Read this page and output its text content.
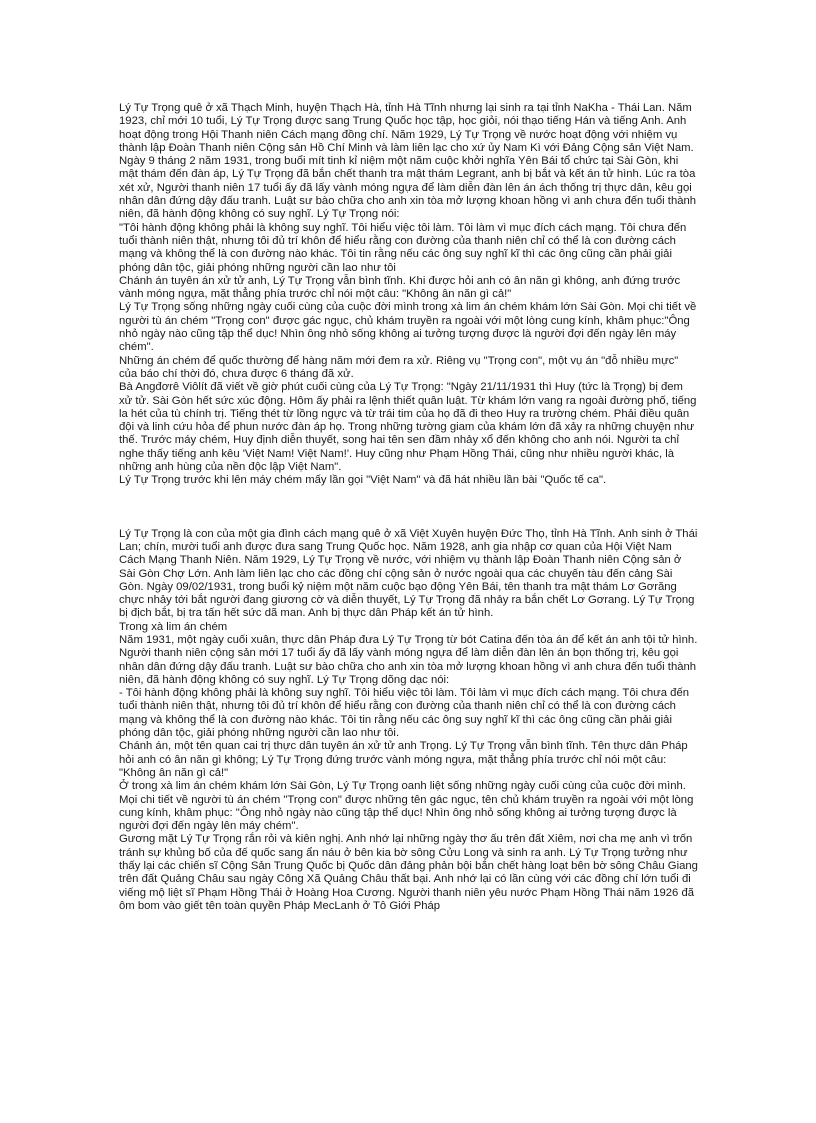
Lý Tự Trọng quê ở xã Thạch Minh, huyện Thạch Hà, tỉnh Hà Tĩnh nhưng lại sinh ra tại tỉnh NaKha - Thái Lan. Năm 1923, chỉ mới 10 tuổi, Lý Tự Trọng được sang Trung Quốc học tập, học giỏi, nói thạo tiếng Hán và tiếng Anh. Anh hoạt động trong Hội Thanh niên Cách mạng đồng chí. Năm 1929, Lý Tự Trọng về nước hoạt động với nhiệm vụ thành lập Đoàn Thanh niên Cộng sản Hồ Chí Minh và làm liên lạc cho xứ ủy Nam Kì với Đảng Cộng sản Việt Nam.

Ngày 9 tháng 2 năm 1931, trong buổi mít tinh kỉ niệm một năm cuộc khởi nghĩa Yên Bái tổ chức tại Sài Gòn, khi mật thám đến đàn áp, Lý Tự Trọng đã bắn chết thanh tra mật thám Legrant, anh bị bắt và kết án tử hình. Lúc ra tòa xét xử, Người thanh niên 17 tuổi ấy đã lấy vành móng ngựa để làm diễn đàn lên án ách thống trị thực dân, kêu gọi nhân dân đứng dậy đấu tranh. Luật sư bào chữa cho anh xin tòa mở lượng khoan hồng vì anh chưa đến tuổi thành niên, đã hành động không có suy nghĩ. Lý Tự Trọng nói:

"Tôi hành động không phải là không suy nghĩ. Tôi hiểu việc tôi làm. Tôi làm vì mục đích cách mạng. Tôi chưa đến tuổi thành niên thật, nhưng tôi đủ trí khôn để hiểu rằng con đường của thanh niên chỉ có thể là con đường cách mạng và không thể là con đường nào khác. Tôi tin rằng nếu các ông suy nghĩ kĩ thì các ông cũng cần phải giải phóng dân tộc, giải phóng những người cần lao như tôi

Chánh án tuyên án xử tử anh, Lý Tự Trọng vẫn bình tĩnh. Khi được hỏi anh có ân năn gì không, anh đứng trước vành móng ngựa, mặt thẳng phía trước chỉ nói một câu: "Không ân năn gì cả!"

Lý Tự Trọng sống những ngày cuối cùng của cuộc đời mình trong xà lim án chém khám lớn Sài Gòn. Mọi chi tiết về người tù án chém "Trọng con" được gác ngục, chủ khám truyền ra ngoài với một lòng cung kính, khâm phục:"Ông nhỏ ngày nào cũng tập thể dục! Nhìn ông nhỏ sống không ai tưởng tượng được là người đợi đến ngày lên máy chém".

Những án chém để quốc thường để hàng năm mới đem ra xử. Riêng vụ "Trọng con", một vụ án "đỗ nhiều mực" của báo chí thời đó, chưa được 6 tháng đã xử.

Bà Angđơrê Viôlít đã viết về giờ phút cuối cùng của Lý Tự Trọng: "Ngày 21/11/1931 thì Huy (tức là Trọng) bị đem xử tử. Sài Gòn hết sức xúc động. Hôm ấy phải ra lệnh thiết quân luật. Từ khám lớn vang ra ngoài đường phố, tiếng la hét của tù chính trị. Tiếng thét từ lồng ngực và từ trái tim của họ đã đi theo Huy ra trường chém. Phải điều quân đội và linh cứu hỏa để phun nước đàn áp họ. Trong những tường giam của khám lớn đã xảy ra những chuyện như thế. Trước máy chém, Huy định diễn thuyết, song hai tên sen đầm nhảy xổ đến không cho anh nói. Người ta chỉ nghe thấy tiếng anh kêu 'Việt Nam! Việt Nam!'. Huy cũng như Phạm Hồng Thái, cũng như nhiều người khác, là những anh hùng của nền độc lập Việt Nam".

Lý Tự Trọng trước khi lên máy chém mấy lần gọi "Việt Nam" và đã hát nhiều lần bài "Quốc tế ca".

Lý Tự Trọng là con của một gia đình cách mạng quê ở xã Việt Xuyên huyện Đức Thọ, tỉnh Hà Tĩnh. Anh sinh ở Thái Lan; chín, mười tuổi anh được đưa sang Trung Quốc học. Năm 1928, anh gia nhập cơ quan của Hội Việt Nam Cách Mạng Thanh Niên. Năm 1929, Lý Tự Trọng về nước, với nhiệm vụ thành lập Đoàn Thanh niên Cộng sản ở Sài Gòn Chợ Lớn. Anh làm liên lạc cho các đồng chí cộng sản ở nước ngoài qua các chuyến tàu đến cảng Sài Gòn. Ngày 09/02/1931, trong buổi kỷ niệm một năm cuộc bạo động Yên Bái, tên thanh tra mật thám Lơ Gơrăng chực nhảy tới bắt người đang giương cờ và diễn thuyết, Lý Tự Trọng đã nhảy ra bắn chết Lơ Gơrang. Lý Tự Trọng bị địch bắt, bị tra tấn hết sức dã man. Anh bị thực dân Pháp kết án tử hình.

Trong xà lim án chém

Năm 1931, một ngày cuối xuân, thực dân Pháp đưa Lý Tự Trọng từ bót Catina đến tòa án để kết án anh tội tử hình. Người thanh niên cộng sản mới 17 tuổi ấy đã lấy vành móng ngựa để làm diễn đàn lên án bọn thống trị, kêu gọi nhân dân đứng dậy đấu tranh. Luật sư bào chữa cho anh xin tòa mở lượng khoan hồng vì anh chưa đến tuổi thành niên, đã hành động không có suy nghĩ. Lý Tự Trọng dõng dạc nói:

- Tôi hành động không phải là không suy nghĩ. Tôi hiểu việc tôi làm. Tôi làm vì mục đích cách mạng. Tôi chưa đến tuổi thành niên thật, nhưng tôi đủ trí khôn để hiểu rằng con đường của thanh niên chỉ có thể là con đường cách mạng và không thể là con đường nào khác. Tôi tin rằng nếu các ông suy nghĩ kĩ thì các ông cũng cần phải giải phóng dân tộc, giải phóng những người cần lao như tôi.

Chánh án, một tên quan cai trị thực dân tuyên án xử tử anh Trọng. Lý Tự Trọng vẫn bình tĩnh. Tên thực dân Pháp hỏi anh có ân năn gì không; Lý Tự Trọng đứng trước vành móng ngựa, mặt thẳng phía trước chỉ nói một câu: "Không ân năn gì cả!"

Ở trong xà lim án chém khám lớn Sài Gòn, Lý Tự Trọng oanh liệt sống những ngày cuối cùng của cuộc đời mình. Mọi chi tiết về người tù án chém "Trọng con" được những tên gác ngục, tên chủ khám truyền ra ngoài với một lòng cung kính, khâm phục: "Ông nhỏ ngày nào cũng tập thể dục! Nhìn ông nhỏ sống không ai tưởng tượng được là người đợi đến ngày lên máy chém".

Gương mặt Lý Tự Trọng rắn rỏi và kiên nghị. Anh nhớ lại những ngày thơ ấu trên đất Xiêm, nơi cha mẹ anh vì trốn tránh sự khủng bố của đế quốc sang ẩn náu ở bên kia bờ sông Cửu Long và sinh ra anh. Lý Tự Trọng tưởng như thấy lại các chiến sĩ Cộng Sản Trung Quốc bị Quốc dân đảng phản bội bắn chết hàng loạt bên bờ sông Châu Giang trên đất Quảng Châu sau ngày Công Xã Quảng Châu thất bại. Anh nhớ lại có lần cùng với các đồng chí lớn tuổi đi viếng mộ liệt sĩ Phạm Hồng Thái ở Hoàng Hoa Cương. Người thanh niên yêu nước Phạm Hồng Thái năm 1926 đã ôm bom vào giết tên toàn quyền Pháp MecLanh ở Tô Giới Pháp
